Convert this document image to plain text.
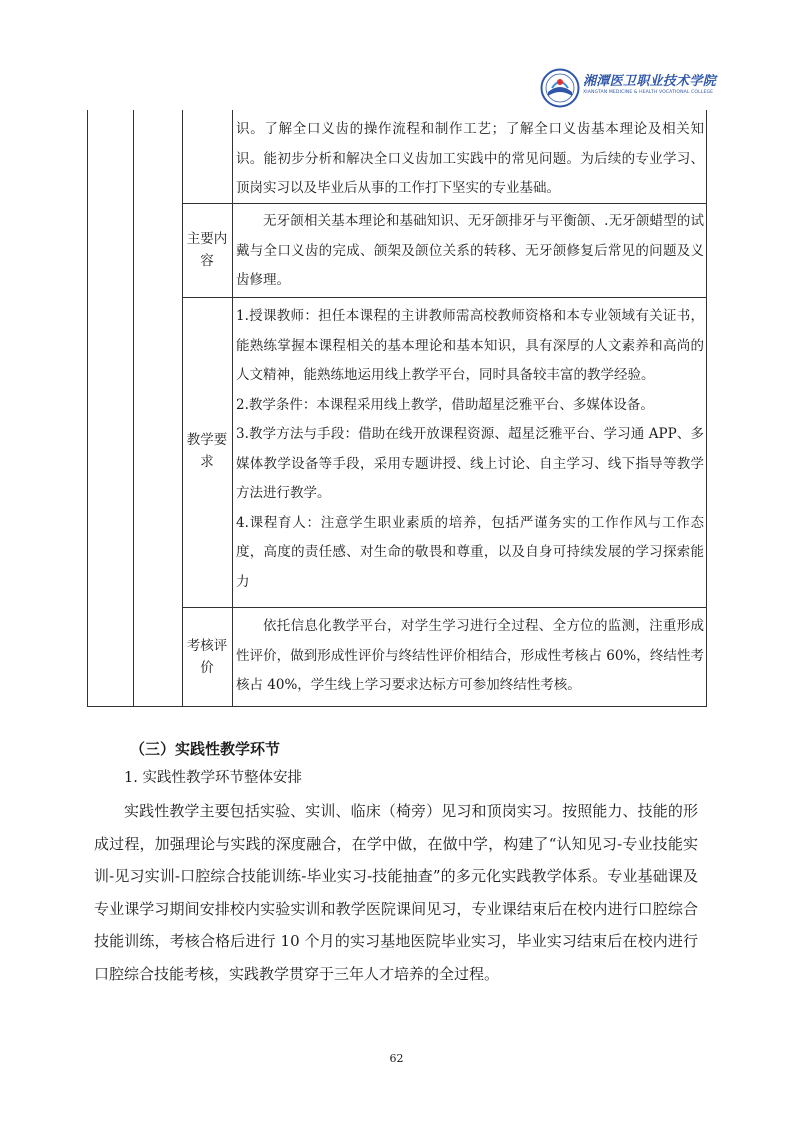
湘潭医卫职业技术学院
XIANGTAN MEDICINE & HEALTH VOCATIONAL COLLEGE
识。了解全口义齿的操作流程和制作工艺；了解全口义齿基本理论及相关知识。能初步分析和解决全口义齿加工实践中的常见问题。为后续的专业学习、顶岗实习以及毕业后从事的工作打下坚实的专业基础。
主要内容
无牙颌相关基本理论和基础知识、无牙颌排牙与平衡颌、.无牙颌蜡型的试戴与全口义齿的完成、颌架及颌位关系的转移、无牙颌修复后常见的问题及义齿修理。
教学要求

1.授课教师：担任本课程的主讲教师需高校教师资格和本专业领域有关证书，能熟练掌握本课程相关的基本理论和基本知识，具有深厚的人文素养和高尚的人文精神，能熟练地运用线上教学平台，同时具备较丰富的教学经验。

2.教学条件：本课程采用线上教学，借助超星泛雅平台、多媒体设备。

3.教学方法与手段：借助在线开放课程资源、超星泛雅平台、学习通 APP、多媒体教学设备等手段，采用专题讲授、线上讨论、自主学习、线下指导等教学方法进行教学。

4.课程育人：注意学生职业素质的培养，包括严谨务实的工作作风与工作态度，高度的责任感、对生命的敬畏和尊重，以及自身可持续发展的学习探索能力

考核评价
依托信息化教学平台，对学生学习进行全过程、全方位的监测，注重形成性评价，做到形成性评价与终结性评价相结合，形成性考核占 60%，终结性考核占 40%，学生线上学习要求达标方可参加终结性考核。
（三）实践性教学环节
1. 实践性教学环节整体安排

实践性教学主要包括实验、实训、临床（椅旁）见习和顶岗实习。按照能力、技能的形成过程，加强理论与实践的深度融合，在学中做，在做中学，构建了“认知见习-专业技能实训-见习实训-口腔综合技能训练-毕业实习-技能抽查”的多元化实践教学体系。专业基础课及专业课学习期间安排校内实验实训和教学医院课间见习，专业课结束后在校内进行口腔综合技能训练，考核合格后进行 10 个月的实习基地医院毕业实习，毕业实习结束后在校内进行口腔综合技能考核，实践教学贯穿于三年人才培养的全过程。

62
